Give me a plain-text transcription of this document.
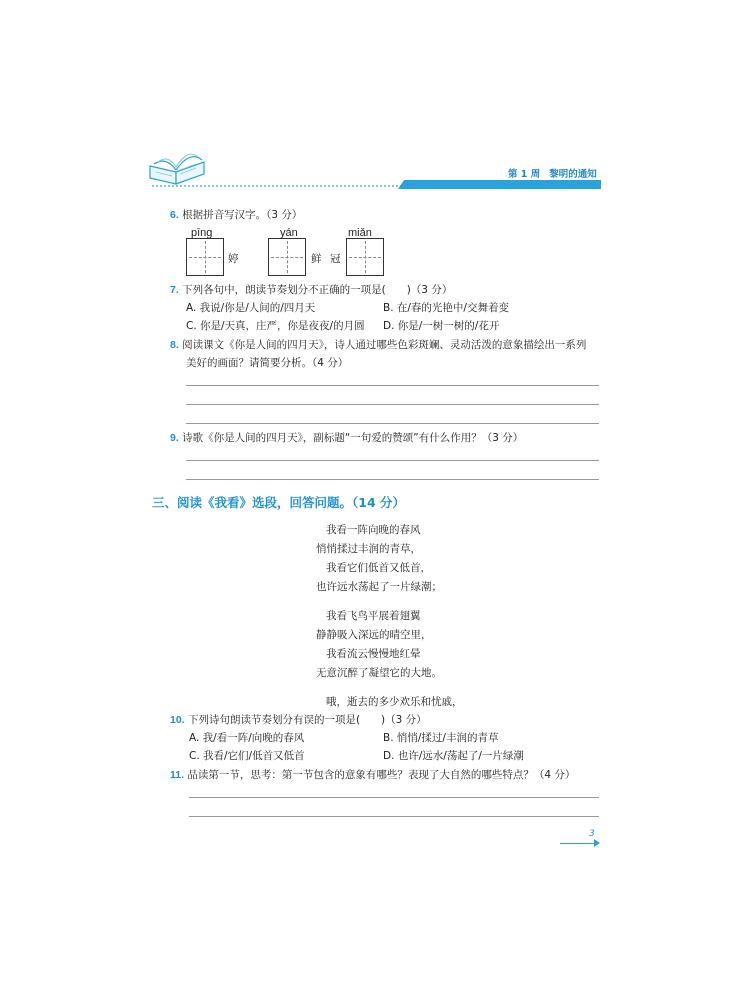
第 1 周 黎明的通知
6. 根据拼音写汉字。（3 分）
pīng
婷
yán
鲜
miǎn
冠
7. 下列各句中，朗读节奏划分不正确的一项是(　　)（3 分）
A. 我说/你是/人间的/四月天	B. 在/春的光艳中/交舞着变
C. 你是/天真，庄严，你是夜夜/的月圆 D. 你是/一树一树的/花开
8. 阅读课文《你是人间的四月天》，诗人通过哪些色彩斑斓、灵动活泼的意象描绘出一系列
美好的画面？请简要分析。（4 分）
9. 诗歌《你是人间的四月天》，副标题“一句爱的赞颂”有什么作用？（3 分）
三、阅读《我看》选段，回答问题。（14 分）
我看一阵向晚的春风
悄悄揉过丰润的青草，
我看它们低首又低首，
也许远水荡起了一片绿潮；
我看飞鸟平展着翅翼
静静吸入深远的晴空里，
我看流云慢慢地红晕
无意沉醉了凝望它的大地。
哦，逝去的多少欢乐和忧戚，
10. 下列诗句朗读节奏划分有误的一项是(　　)（3 分）
A. 我/看一阵/向晚的春风	B. 悄悄/揉过/丰润的青草
C. 我看/它们/低首又低首	D. 也许/远水/荡起了/一片绿潮
11. 品读第一节，思考：第一节包含的意象有哪些？表现了大自然的哪些特点？（4 分）
3
